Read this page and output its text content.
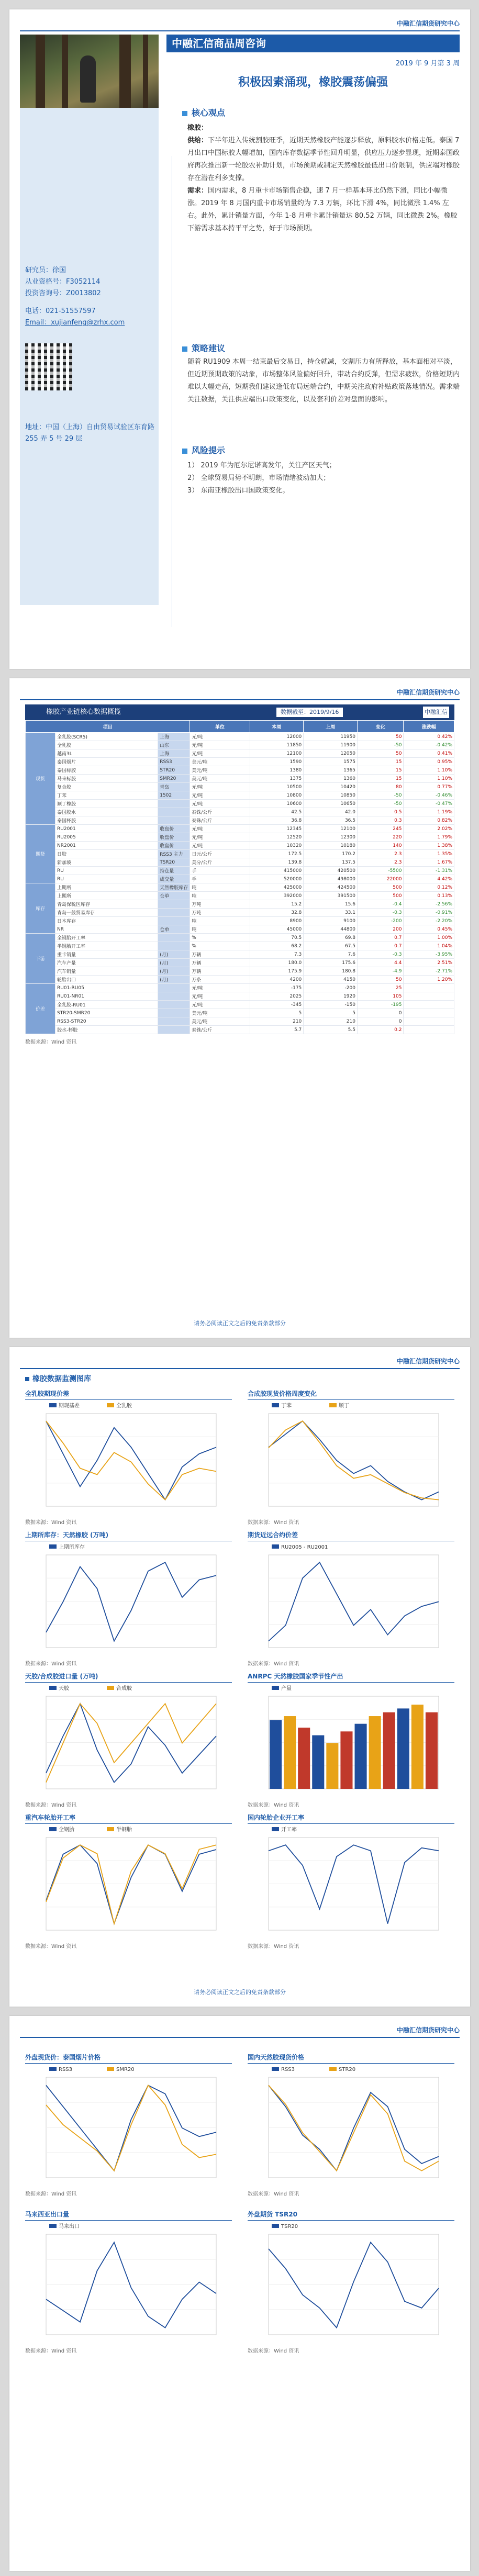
中融汇信期货研究中心
研究员：徐国
从业资格号：F3052114
投资咨询号：Z0013802
电话：021-51557597
Email：xujianfeng@zrhx.com
地址：中国（上海）自由贸易试验区东育路 255 弄 5 号 29 层
中融汇信商品周咨询
2019 年 9 月第 3 周
积极因素涌现，橡胶震荡偏强
核心观点
橡胶：
供给：下半年进入传统割胶旺季，近期天然橡胶产能逐步释放，原料胶水价格走低。泰国 7 月出口中国标胶大幅增加，国内库存数据季节性回升明显，供应压力逐步显现，近期泰国政府再次推出新一轮胶农补助计划，市场预期或制定天然橡胶最低出口价限制，供应端对橡胶存在潜在利多支撑。
需求：国内需求，8 月重卡市场销售企稳，速 7 月一样基本环比仍然下滑，同比小幅微涨。2019 年 8 月国内重卡市场销量约为 7.3 万辆，环比下滑 4%，同比微涨 1.4% 左右。此外，累计销量方面，今年 1-8 月重卡累计销量达 80.52 万辆，同比微跌 2%。橡胶下游需求基本持平平之势，好于市场预期。
策略建议
随着 RU1909 本周一结束最后交易日，持仓就减，交割压力有所释放，基本面相对平淡，但近期预期政策的动象，市场整体风险偏好回升，带动合约反弹，但需求疲软，价格短期内难以大幅走高，短期我们建议逢低布局远端合约，中期关注政府补贴政策落地情况。需求端关注数据，关注供应端出口政策变化，以及套利价差对盘面的影响。
风险提示
1） 2019 年为厄尔尼诺高发年，关注产区天气；
2） 全球贸易局势不明朗，市场情绪波动加大；
3） 东南亚橡胶出口国政策变化。
中融汇信期货研究中心
橡胶产业链核心数据概揽	数据截至：2019/9/16	中融汇信
项目			单位	本周	上周	变化	涨跌幅
现货	全乳胶(SCR5)	上海	元/吨	12000	11950	50	0.42%
	全乳胶	山东	元/吨	11850	11900	-50	-0.42%
	越南3L	上海	元/吨	12100	12050	50	0.41%
	泰国烟片	RSS3	美元/吨	1590	1575	15	0.95%
	泰国标胶	STR20	美元/吨	1380	1365	15	1.10%
	马来标胶	SMR20	美元/吨	1375	1360	15	1.10%
	复合胶	青岛	元/吨	10500	10420	80	0.77%
	丁苯	1502	元/吨	10800	10850	-50	-0.46%
	顺丁橡胶		元/吨	10600	10650	-50	-0.47%
	泰国胶水		泰铢/公斤	42.5	42.0	0.5	1.19%
	泰国杯胶		泰铢/公斤	36.8	36.5	0.3	0.82%
期货	RU2001	收盘价	元/吨	12345	12100	245	2.02%
	RU2005	收盘价	元/吨	12520	12300	220	1.79%
	NR2001	收盘价	元/吨	10320	10180	140	1.38%
	日胶	RSS3 主力	日元/公斤	172.5	170.2	2.3	1.35%
	新加坡	TSR20	美分/公斤	139.8	137.5	2.3	1.67%
	RU	持仓量	手	415000	420500	-5500	-1.31%
	RU	成交量	手	520000	498000	22000	4.42%
库存	上期所	天然橡胶库存	吨	425000	424500	500	0.12%
	上期所	仓单	吨	392000	391500	500	0.13%
	青岛保税区库存		万吨	15.2	15.6	-0.4	-2.56%
	青岛一般贸易库存		万吨	32.8	33.1	-0.3	-0.91%
	日本库存		吨	8900	9100	-200	-2.20%
	NR	仓单	吨	45000	44800	200	0.45%
下游	全钢胎开工率		%	70.5	69.8	0.7	1.00%
	半钢胎开工率		%	68.2	67.5	0.7	1.04%
	重卡销量	(月)	万辆	7.3	7.6	-0.3	-3.95%
	汽车产量	(月)	万辆	180.0	175.6	4.4	2.51%
	汽车销量	(月)	万辆	175.9	180.8	-4.9	-2.71%
	轮胎出口	(月)	万条	4200	4150	50	1.20%
价差	RU01-RU05		元/吨	-175	-200	25	
	RU01-NR01		元/吨	2025	1920	105	
	全乳胶-RU01		元/吨	-345	-150	-195	
	STR20-SMR20		美元/吨	5	5	0	
	RSS3-STR20		美元/吨	210	210	0	
	胶水-杯胶		泰铢/公斤	5.7	5.5	0.2	
数据来源：Wind 资讯
请务必阅读正文之后的免责条款部分
中融汇信期货研究中心
橡胶数据监测图库
全乳胶期现价差
期现基差	全乳胶
数据来源：Wind 资讯
合成胶现货价格周度变化
丁苯	顺丁
数据来源：Wind 资讯
上期所库存：天然橡胶 (万吨)
上期所库存
数据来源：Wind 资讯
期货近远合约价差
RU2005 - RU2001
数据来源：Wind 资讯
天胶/合成胶进口量 (万吨)
天胶	合成胶
数据来源：Wind 资讯
ANRPC 天然橡胶国家季节性产出
产量
数据来源：Wind 资讯
重汽车轮胎开工率
全钢胎	半钢胎
数据来源：Wind 资讯
国内轮胎企业开工率
开工率
数据来源：Wind 资讯
请务必阅读正文之后的免责条款部分
中融汇信期货研究中心
外盘现货价：泰国烟片价格
RSS3	SMR20
数据来源：Wind 资讯
国内天然胶现货价格
RSS3	STR20
数据来源：Wind 资讯
马来西亚出口量
马来出口
数据来源：Wind 资讯
外盘期货 TSR20
TSR20
数据来源：Wind 资讯
